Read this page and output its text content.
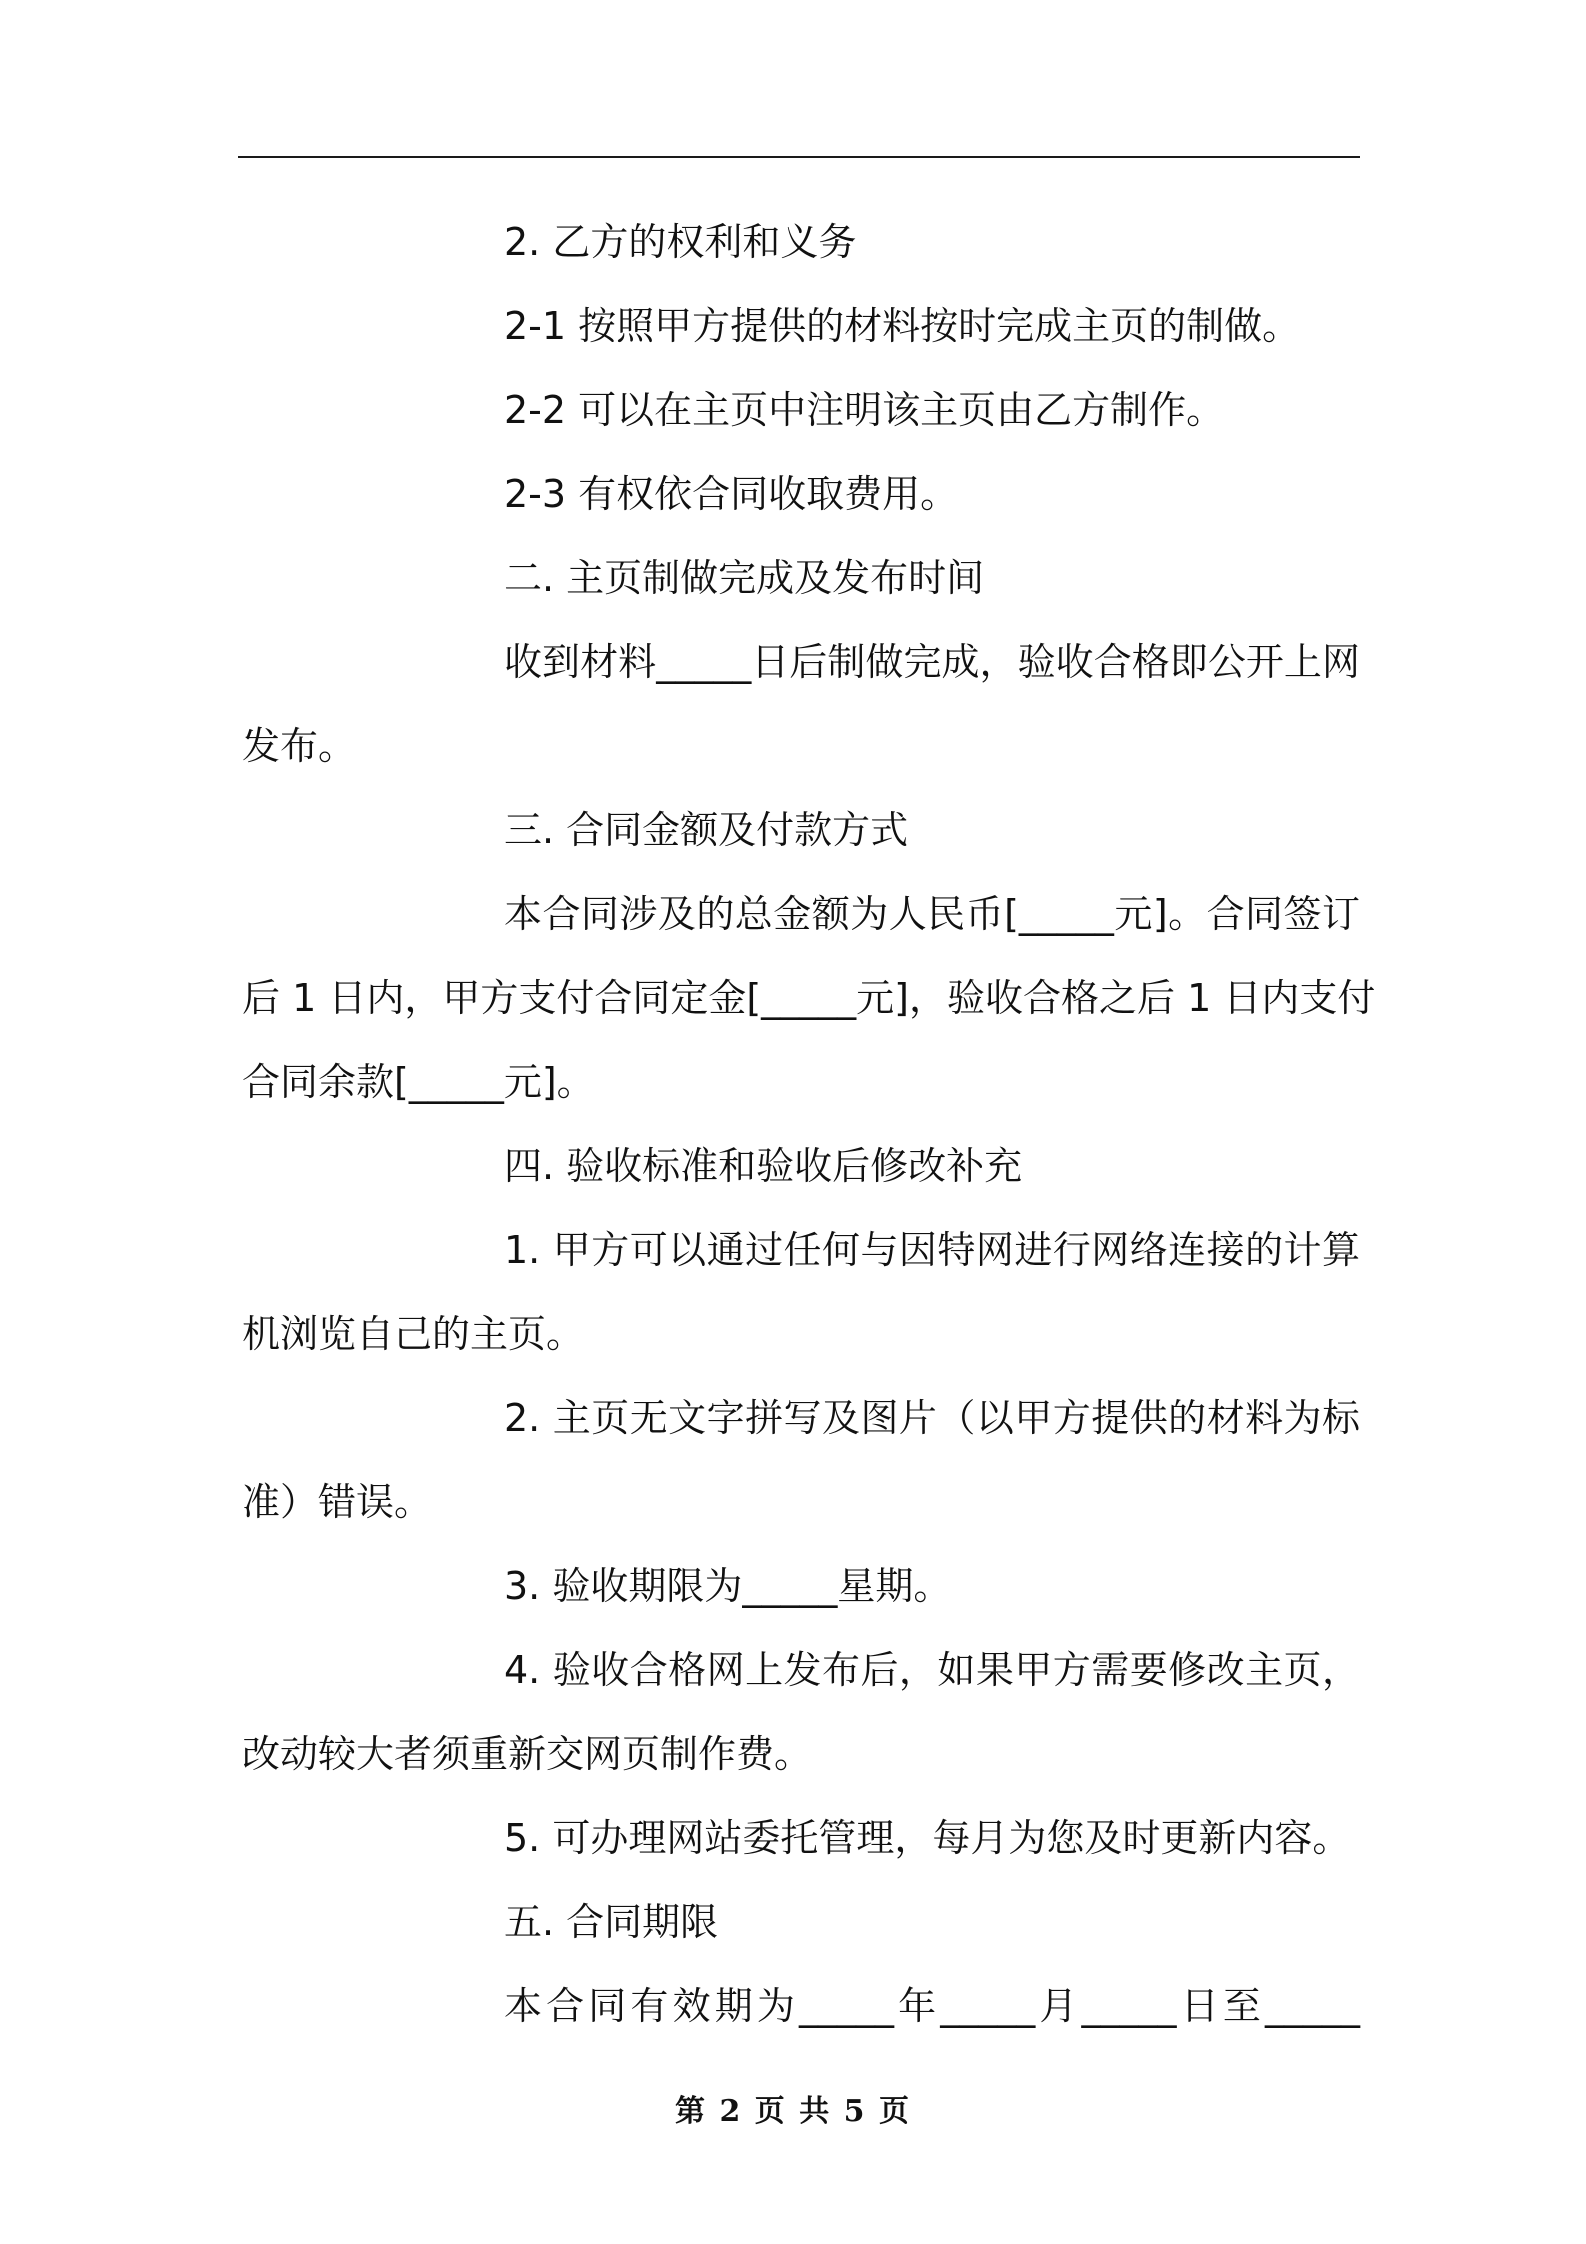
2. 乙方的权利和义务
2-1 按照甲方提供的材料按时完成主页的制做。
2-2 可以在主页中注明该主页由乙方制作。
2-3 有权依合同收取费用。
二. 主页制做完成及发布时间
收到材料_____日后制做完成，验收合格即公开上网
发布。
三. 合同金额及付款方式
本合同涉及的总金额为人民币[_____元]。合同签订
后 1 日内，甲方支付合同定金[_____元]，验收合格之后 1 日内支付
合同余款[_____元]。
四. 验收标准和验收后修改补充
1. 甲方可以通过任何与因特网进行网络连接的计算
机浏览自己的主页。
2. 主页无文字拼写及图片（以甲方提供的材料为标
准）错误。
3. 验收期限为_____星期。
4. 验收合格网上发布后，如果甲方需要修改主页，
改动较大者须重新交网页制作费。
5. 可办理网站委托管理，每月为您及时更新内容。
五. 合同期限
本合同有效期为_____年_____月_____日至_____
第 2 页 共 5 页
